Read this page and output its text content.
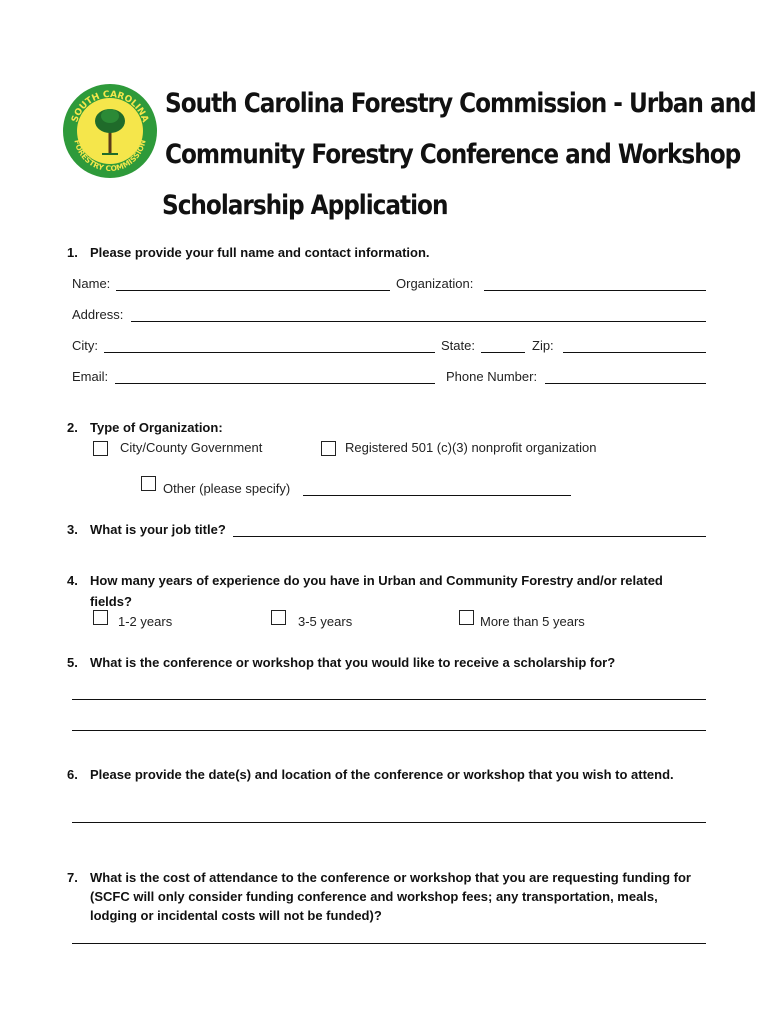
SOUTH CAROLINA
FORESTRY COMMISSION
South Carolina Forestry Commission - Urban and
Community Forestry Conference and Workshop
Scholarship Application
1. Please provide your full name and contact information.
Name:	Organization:
Address:
City:	State:	Zip:
Email:	Phone Number:
2. Type of Organization:
City/County Government	Registered 501 (c)(3) nonprofit organization
Other (please specify)
3. What is your job title?
4. How many years of experience do you have in Urban and Community Forestry and/or related
fields?
1-2 years	3-5 years	More than 5 years
5. What is the conference or workshop that you would like to receive a scholarship for?
6. Please provide the date(s) and location of the conference or workshop that you wish to attend.
7. What is the cost of attendance to the conference or workshop that you are requesting funding for
(SCFC will only consider funding conference and workshop fees; any transportation, meals,
lodging or incidental costs will not be funded)?
